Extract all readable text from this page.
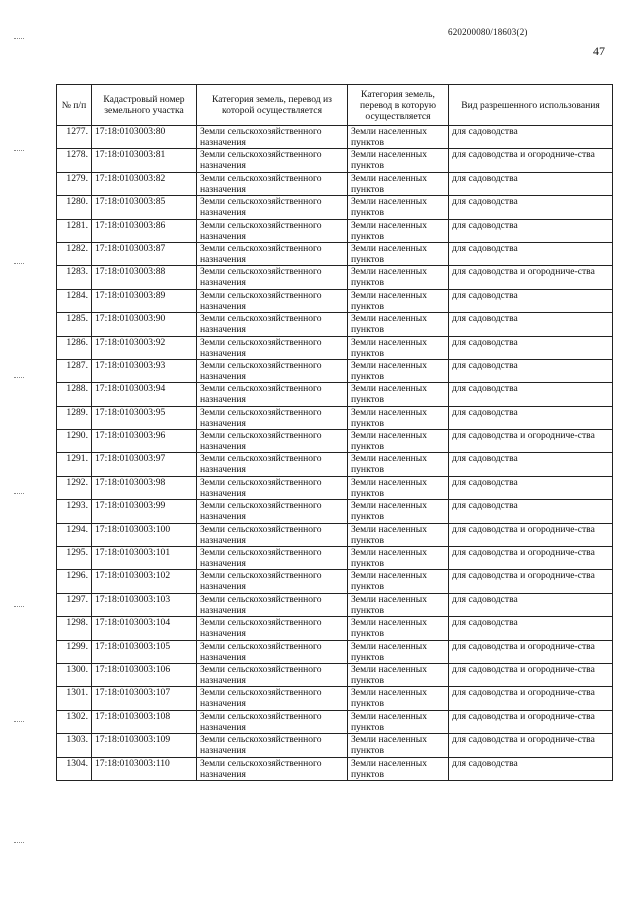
620200080/18603(2)
47
№ п/п	Кадастровый номер земельного участка	Категория земель, перевод из которой осуществляется	Категория земель, перевод в которую осуществляется	Вид разрешенного использования
1277.	17:18:0103003:80	Земли сельскохозяйственного назначения	Земли населенных пунктов	для садоводства
1278.	17:18:0103003:81	Земли сельскохозяйственного назначения	Земли населенных пунктов	для садоводства и огородниче-ства
1279.	17:18:0103003:82	Земли сельскохозяйственного назначения	Земли населенных пунктов	для садоводства
1280.	17:18:0103003:85	Земли сельскохозяйственного назначения	Земли населенных пунктов	для садоводства
1281.	17:18:0103003:86	Земли сельскохозяйственного назначения	Земли населенных пунктов	для садоводства
1282.	17:18:0103003:87	Земли сельскохозяйственного назначения	Земли населенных пунктов	для садоводства
1283.	17:18:0103003:88	Земли сельскохозяйственного назначения	Земли населенных пунктов	для садоводства и огородниче-ства
1284.	17:18:0103003:89	Земли сельскохозяйственного назначения	Земли населенных пунктов	для садоводства
1285.	17:18:0103003:90	Земли сельскохозяйственного назначения	Земли населенных пунктов	для садоводства
1286.	17:18:0103003:92	Земли сельскохозяйственного назначения	Земли населенных пунктов	для садоводства
1287.	17:18:0103003:93	Земли сельскохозяйственного назначения	Земли населенных пунктов	для садоводства
1288.	17:18:0103003:94	Земли сельскохозяйственного назначения	Земли населенных пунктов	для садоводства
1289.	17:18:0103003:95	Земли сельскохозяйственного назначения	Земли населенных пунктов	для садоводства
1290.	17:18:0103003:96	Земли сельскохозяйственного назначения	Земли населенных пунктов	для садоводства и огородниче-ства
1291.	17:18:0103003:97	Земли сельскохозяйственного назначения	Земли населенных пунктов	для садоводства
1292.	17:18:0103003:98	Земли сельскохозяйственного назначения	Земли населенных пунктов	для садоводства
1293.	17:18:0103003:99	Земли сельскохозяйственного назначения	Земли населенных пунктов	для садоводства
1294.	17:18:0103003:100	Земли сельскохозяйственного назначения	Земли населенных пунктов	для садоводства и огородниче-ства
1295.	17:18:0103003:101	Земли сельскохозяйственного назначения	Земли населенных пунктов	для садоводства и огородниче-ства
1296.	17:18:0103003:102	Земли сельскохозяйственного назначения	Земли населенных пунктов	для садоводства и огородниче-ства
1297.	17:18:0103003:103	Земли сельскохозяйственного назначения	Земли населенных пунктов	для садоводства
1298.	17:18:0103003:104	Земли сельскохозяйственного назначения	Земли населенных пунктов	для садоводства
1299.	17:18:0103003:105	Земли сельскохозяйственного назначения	Земли населенных пунктов	для садоводства и огородниче-ства
1300.	17:18:0103003:106	Земли сельскохозяйственного назначения	Земли населенных пунктов	для садоводства и огородниче-ства
1301.	17:18:0103003:107	Земли сельскохозяйственного назначения	Земли населенных пунктов	для садоводства и огородниче-ства
1302.	17:18:0103003:108	Земли сельскохозяйственного назначения	Земли населенных пунктов	для садоводства и огородниче-ства
1303.	17:18:0103003:109	Земли сельскохозяйственного назначения	Земли населенных пунктов	для садоводства и огородниче-ства
1304.	17:18:0103003:110	Земли сельскохозяйственного назначения	Земли населенных пунктов	для садоводства
